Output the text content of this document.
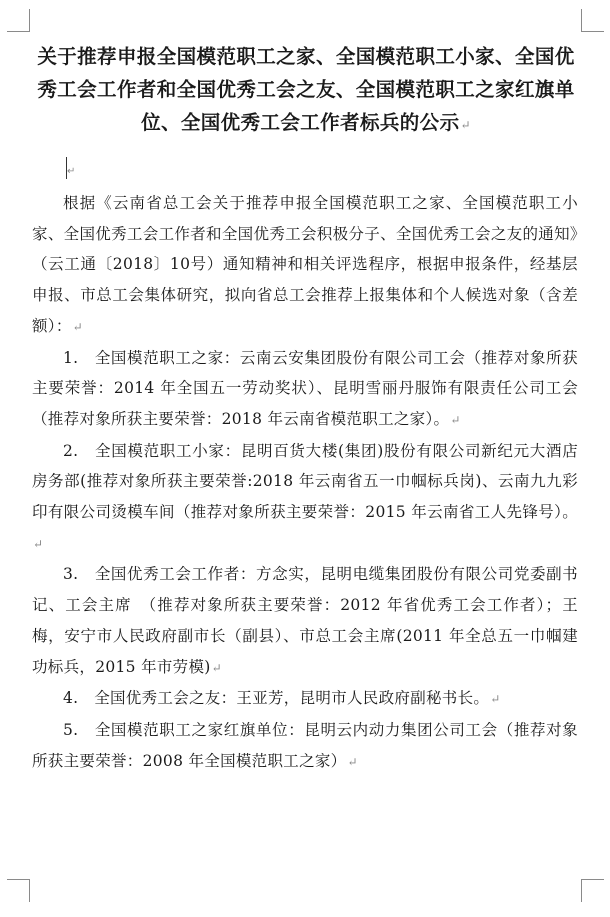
关于推荐申报全国模范职工之家、全国模范职工小家、全国优秀工会工作者和全国优秀工会之友、全国模范职工之家红旗单位、全国优秀工会工作者标兵的公示↵
↵

根据《云南省总工会关于推荐申报全国模范职工之家、全国模范职工小家、全国优秀工会工作者和全国优秀工会积极分子、全国优秀工会之友的通知》（云工通〔2018〕10号）通知精神和相关评选程序，根据申报条件，经基层申报、市总工会集体研究，拟向省总工会推荐上报集体和个人候选对象（含差额）：↵

1.　全国模范职工之家：云南云安集团股份有限公司工会（推荐对象所获主要荣誉：2014 年全国五一劳动奖状）、昆明雪丽丹服饰有限责任公司工会（推荐对象所获主要荣誉：2018 年云南省模范职工之家）。↵

2.　全国模范职工小家：昆明百货大楼(集团)股份有限公司新纪元大酒店房务部(推荐对象所获主要荣誉:2018 年云南省五一巾帼标兵岗)、云南九九彩印有限公司烫模车间（推荐对象所获主要荣誉：2015 年云南省工人先锋号）。↵

3.　全国优秀工会工作者：方念实，昆明电缆集团股份有限公司党委副书记、工会主席　（推荐对象所获主要荣誉：2012 年省优秀工会工作者）；王　梅，安宁市人民政府副市长（副县）、市总工会主席(2011 年全总五一巾帼建功标兵，2015 年市劳模)↵

4.　全国优秀工会之友：王亚芳，昆明市人民政府副秘书长。↵

5.　全国模范职工之家红旗单位：昆明云内动力集团公司工会（推荐对象所获主要荣誉：2008 年全国模范职工之家）↵
